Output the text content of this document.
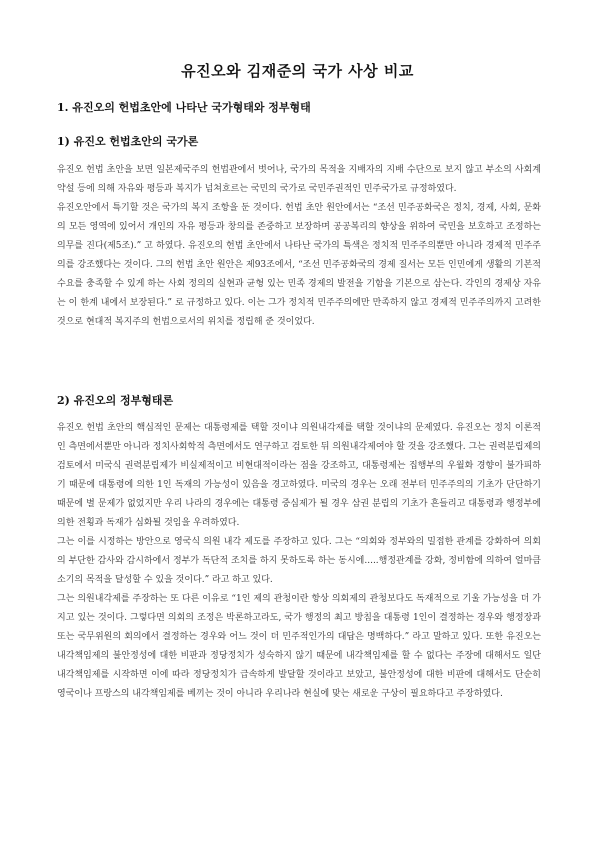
유진오와 김재준의 국가 사상 비교
1. 유진오의 헌법초안에 나타난 국가형태와 정부형태
1) 유진오 헌법초안의 국가론

유진오 헌법 초안을 보면 일본제국주의 헌법관에서 벗어나, 국가의 목적을 지배자의 지배 수단으로 보지 않고 부소의 사회계약설 등에 의해 자유와 평등과 복지가 넘쳐흐르는 국민의 국가로 국민주권적인 민주국가로 규정하였다.

유진오안에서 특기할 것은 국가의 복지 조항을 둔 것이다. 헌법 초안 원안에서는 “조선 민주공화국은 정치, 경제, 사회, 문화의 모든 영역에 있어서 개인의 자유 평등과 창의를 존중하고 보장하며 공공복리의 향상을 위하여 국민을 보호하고 조정하는 의무를 진다(제5조).” 고 하였다. 유진오의 헌법 초안에서 나타난 국가의 특색은 정치적 민주주의뿐만 아니라 경제적 민주주의를 강조했다는 것이다. 그의 헌법 초안 원안은 제93조에서, “조선 민주공화국의 경제 질서는 모든 인민에게 생활의 기본적 수요를 충족할 수 있게 하는 사회 정의의 실현과 균형 있는 민족 경제의 발전을 기함을 기본으로 삼는다. 각인의 경제상 자유는 이 한계 내에서 보장된다.” 로 규정하고 있다. 이는 그가 정치적 민주주의에만 만족하지 않고 경제적 민주주의까지 고려한 것으로 현대적 복지주의 헌법으로서의 위치를 정립해 준 것이었다.

2) 유진오의 정부형태론

유진오 헌법 초안의 핵심적인 문제는 대통령제를 택할 것이냐 의원내각제를 택할 것이냐의 문제였다. 유진오는 정치 이론적인 측면에서뿐만 아니라 정치사회학적 측면에서도 연구하고 검토한 뒤 의원내각제여야 할 것을 강조했다. 그는 권력분립제의 검토에서 미국식 권력분립제가 비실제적이고 비현대적이라는 점을 강조하고, 대통령제는 집행부의 우월화 경향이 불가피하기 때문에 대통령에 의한 1인 독재의 가능성이 있음을 경고하였다. 미국의 경우는 오래 전부터 민주주의의 기초가 단단하기 때문에 별 문제가 없었지만 우리 나라의 경우에는 대통령 중심제가 될 경우 삼권 분립의 기초가 흔들리고 대통령과 행정부에 의한 전횡과 독재가 심화될 것임을 우려하였다.

그는 이를 시정하는 방안으로 영국식 의원 내각 제도를 주장하고 있다. 그는 “의회와 정부와의 밀접한 관계를 강화하여 의회의 부단한 감사와 감시하에서 정부가 독단적 조치를 하지 못하도록 하는 동시에.....행정관계를 강화, 정비함에 의하여 얼마큼 소기의 목적을 달성할 수 있을 것이다.” 라고 하고 있다.

그는 의원내각제를 주장하는 또 다른 이유로 “1인 제의 관청이란 항상 의회제의 관청보다도 독재적으로 기울 가능성을 더 가지고 있는 것이다. 그렇다면 의회의 조정은 박론하고라도, 국가 행정의 최고 방침을 대통령 1인이 결정하는 경우와 행정장과 또는 국무위원의 회의에서 결정하는 경우와 어느 것이 더 민주적인가의 대답은 명백하다.” 라고 말하고 있다. 또한 유진오는 내각책임제의 불안정성에 대한 비판과 정당정치가 성숙하지 않기 때문에 내각책임제를 할 수 없다는 주장에 대해서도 일단 내각책임제를 시작하면 이에 따라 정당정치가 급속하게 발달할 것이라고 보았고, 불안정성에 대한 비판에 대해서도 단순히 영국이나 프랑스의 내각책임제를 베끼는 것이 아니라 우리나라 현실에 맞는 새로운 구상이 필요하다고 주장하였다.
